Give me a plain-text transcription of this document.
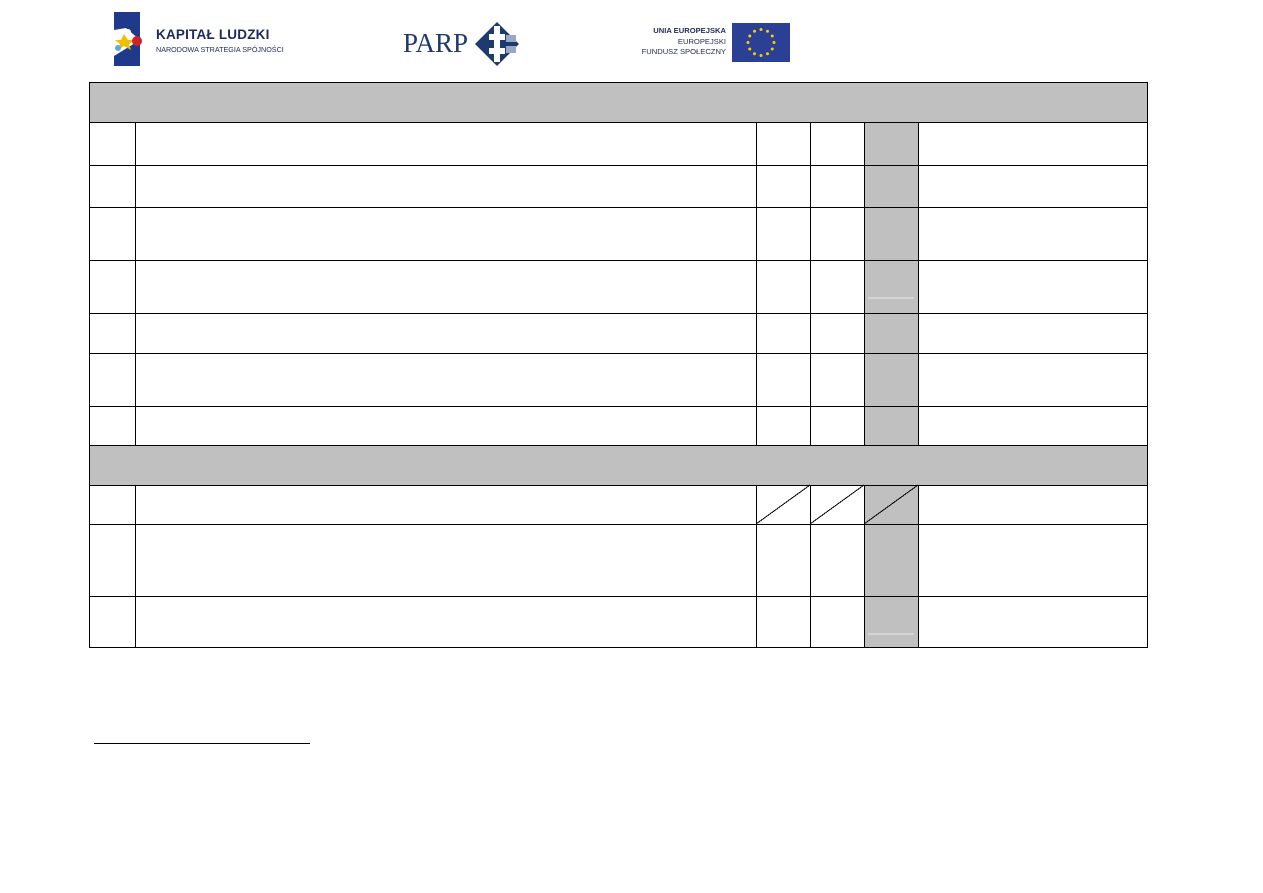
KAPITAŁ LUDZKI
NARODOWA STRATEGIA SPÓJNOŚCI	PARP	UNIA EUROPEJSKA
EUROPEJSKI
FUNDUSZ SPOŁECZNY
